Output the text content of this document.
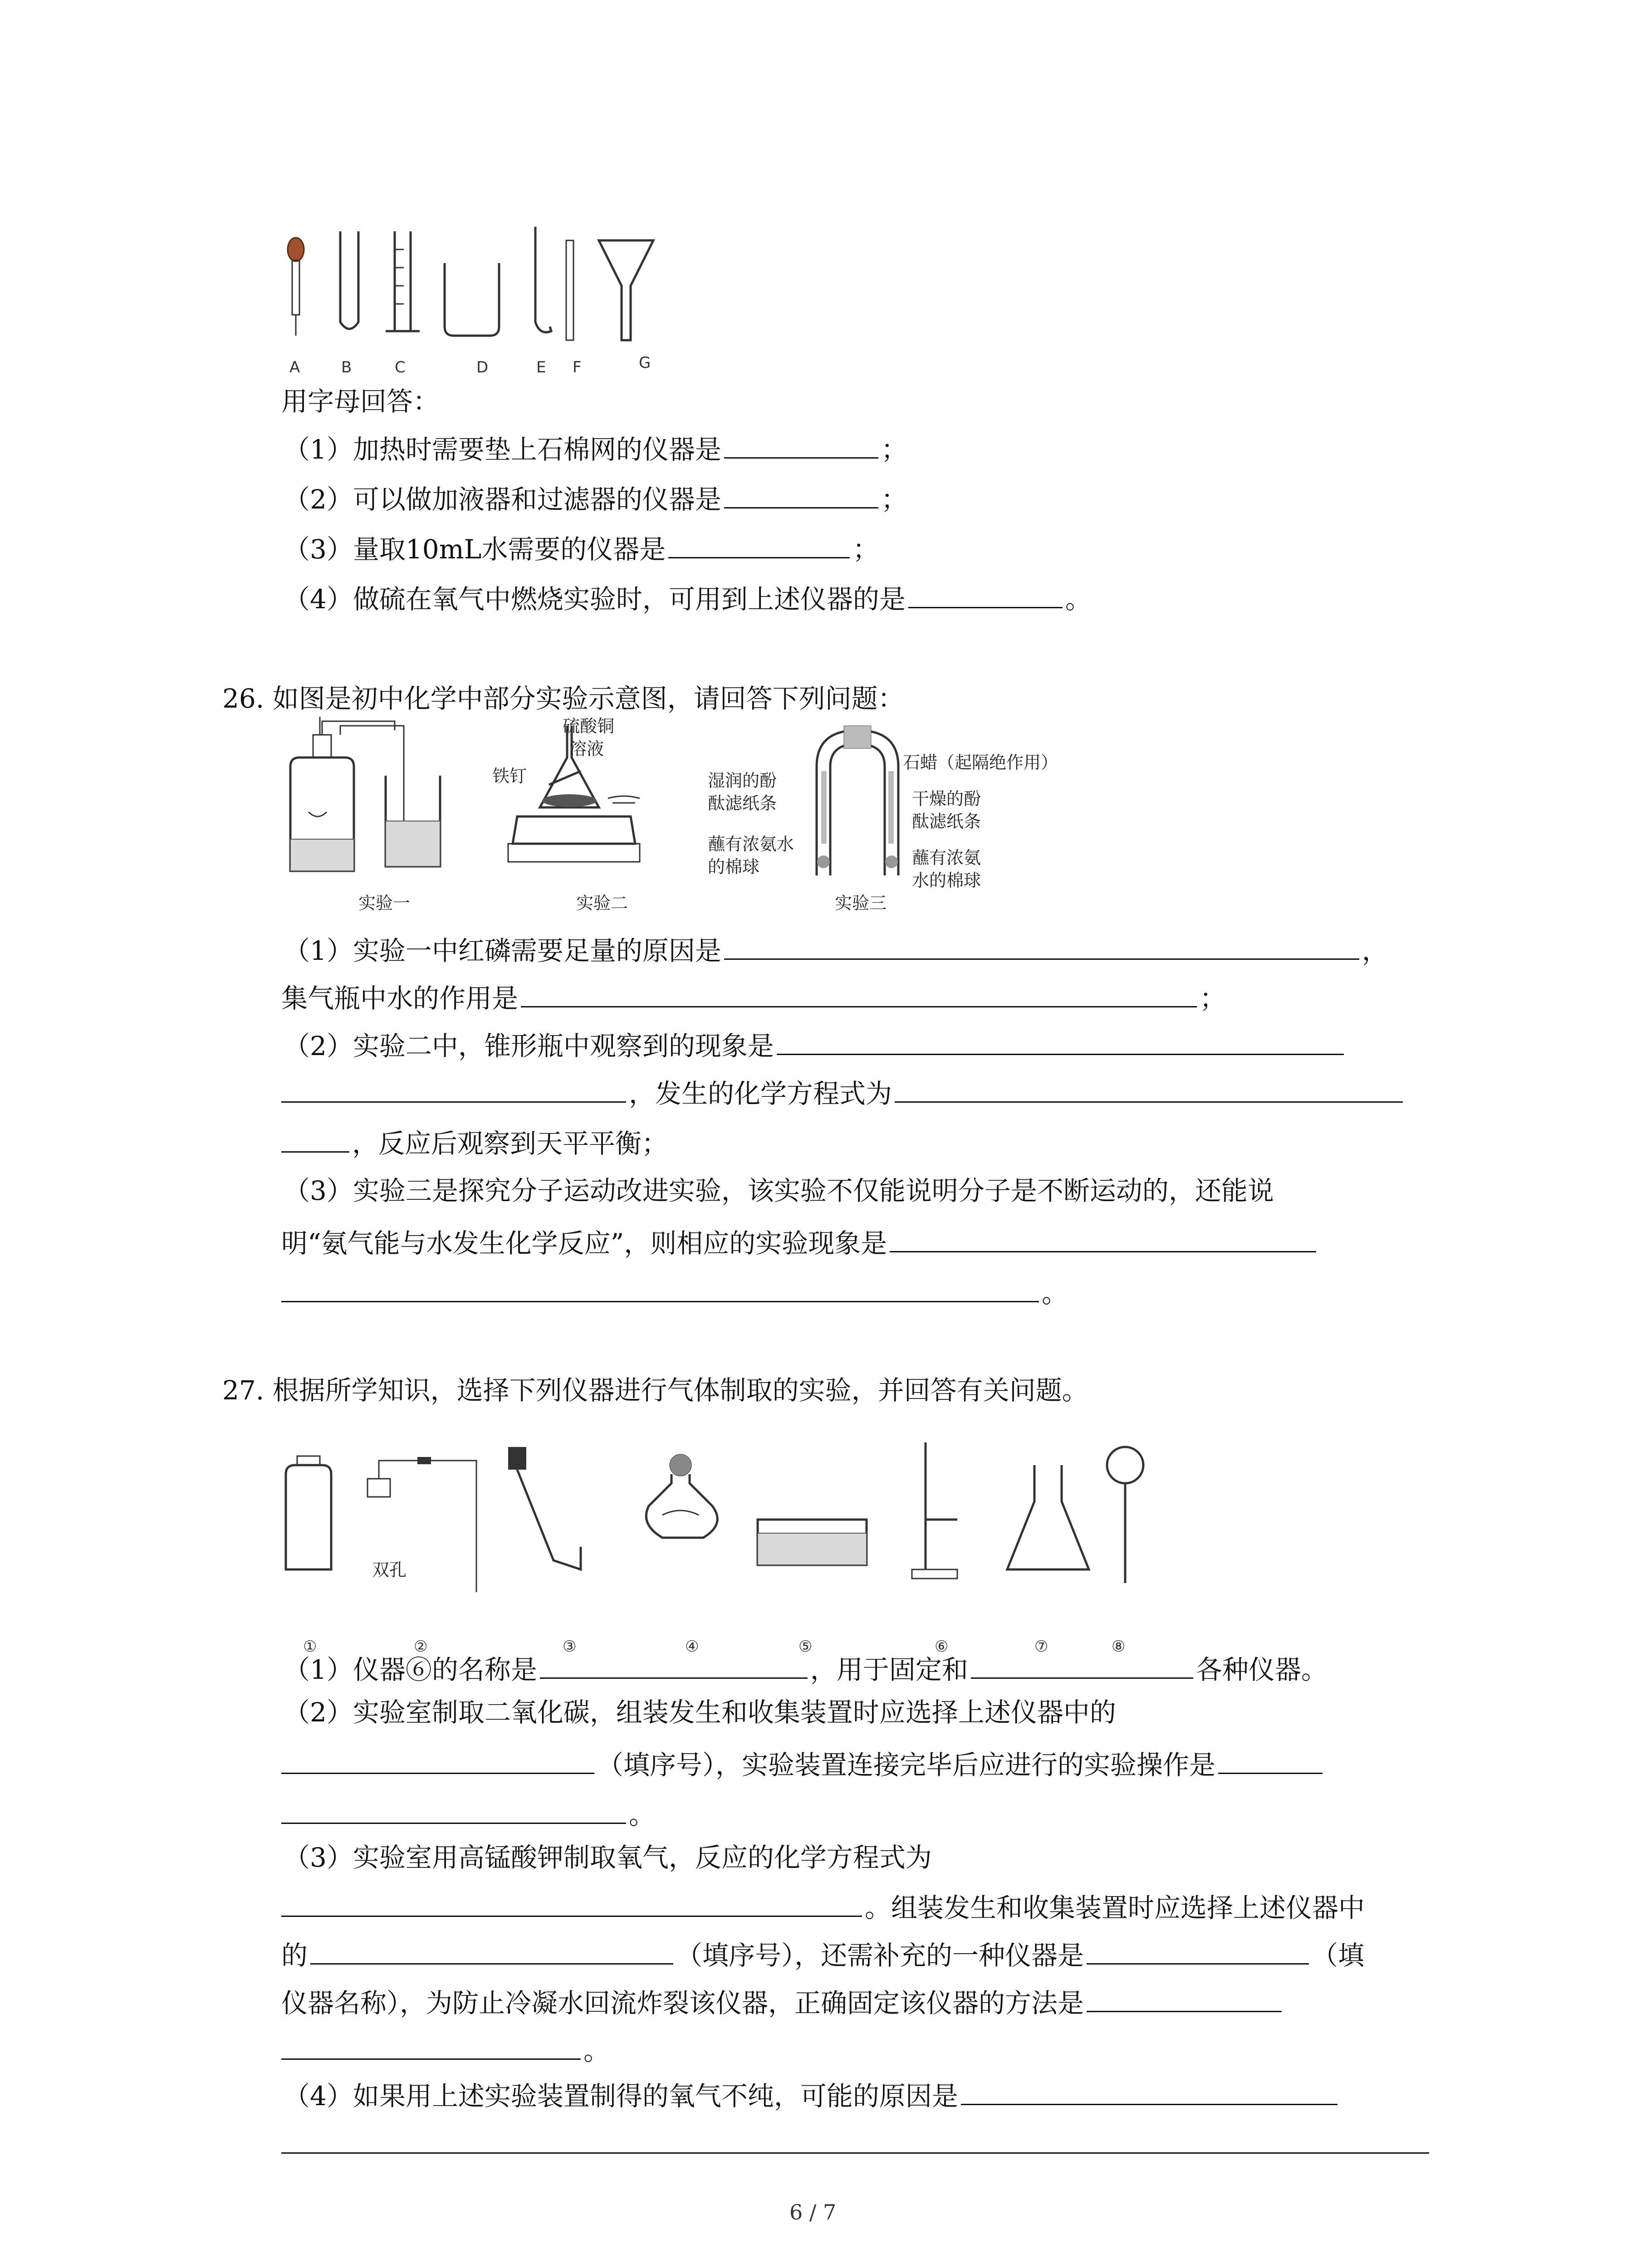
A	B	C	D	E F	G
用字母回答：
（1）加热时需要垫上石棉网的仪器是	；
（2）可以做加液器和过滤器的仪器是	；
（3）量取10mL水需要的仪器是	；
（4）做硫在氧气中燃烧实验时，可用到上述仪器的是	。
26. 如图是初中化学中部分实验示意图，请回答下列问题：
硫酸铜
溶液
铁钉	湿润的酚
酞滤纸条
蘸有浓氨水
的棉球
石蜡（起隔绝作用）
干燥的酚
酞滤纸条
蘸有浓氨
水的棉球
实验一	实验二	实验三
（1）实验一中红磷需要足量的原因是	，
集气瓶中水的作用是	；
（2）实验二中，锥形瓶中观察到的现象是
，发生的化学方程式为
，反应后观察到天平平衡；
（3）实验三是探究分子运动改进实验，该实验不仅能说明分子是不断运动的，还能说
明“氨气能与水发生化学反应”，则相应的实验现象是
。
27. 根据所学知识，选择下列仪器进行气体制取的实验，并回答有关问题。
双孔
①	②	③	④	⑤	⑥	⑦	⑧
（1）仪器⑥的名称是	，用于固定和	各种仪器。
（2）实验室制取二氧化碳，组装发生和收集装置时应选择上述仪器中的
（填序号），实验装置连接完毕后应进行的实验操作是
。
（3）实验室用高锰酸钾制取氧气，反应的化学方程式为
。组装发生和收集装置时应选择上述仪器中
的	（填序号），还需补充的一种仪器是	（填
仪器名称），为防止冷凝水回流炸裂该仪器，正确固定该仪器的方法是
。
（4）如果用上述实验装置制得的氧气不纯，可能的原因是
6 / 7
